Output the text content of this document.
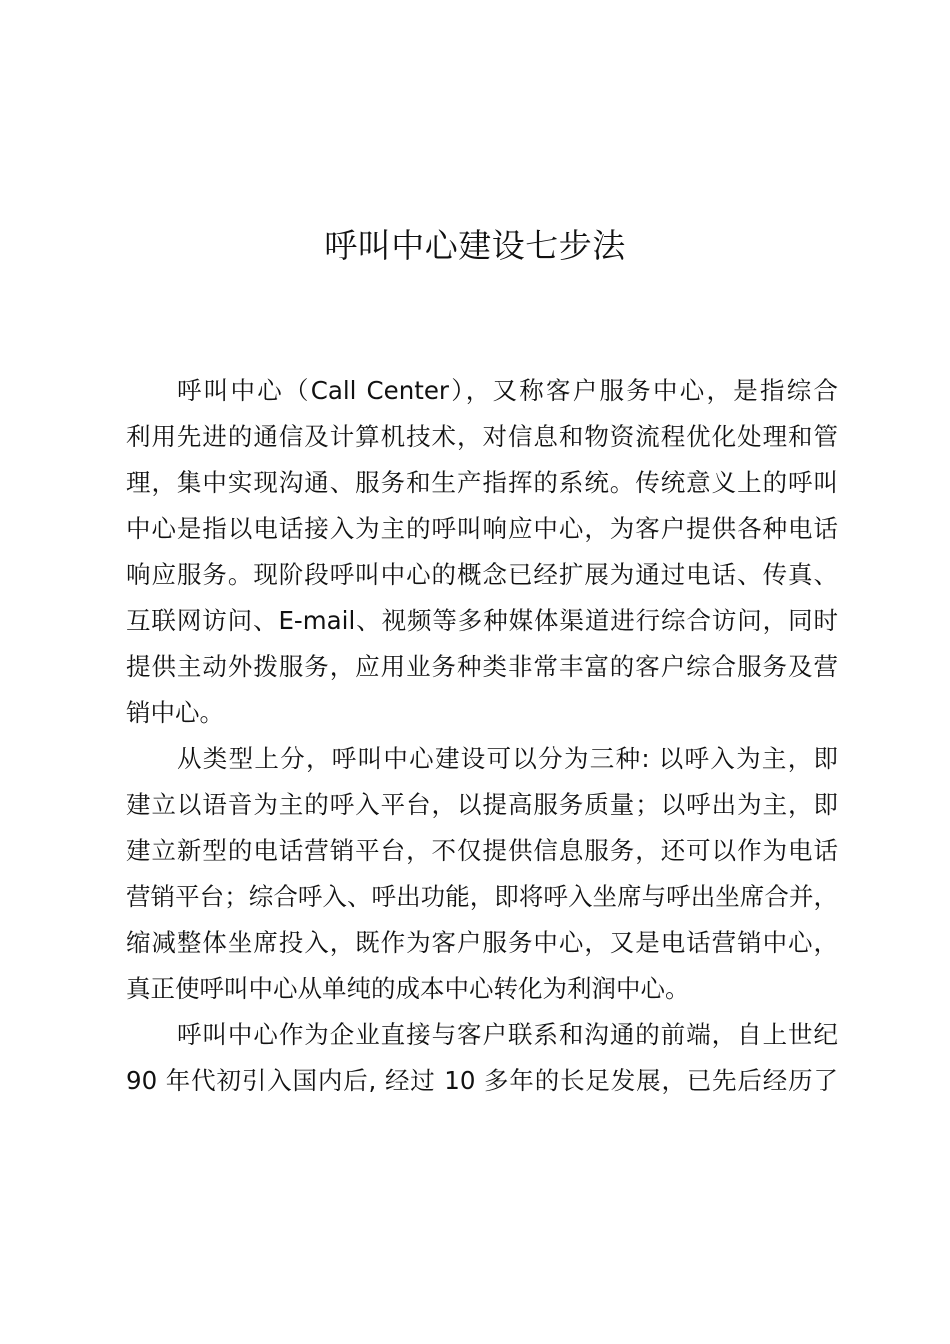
呼叫中心建设七步法
呼叫中心（Call Center），又称客户服务中心，是指综合
利用先进的通信及计算机技术，对信息和物资流程优化处理和管
理，集中实现沟通、服务和生产指挥的系统。传统意义上的呼叫
中心是指以电话接入为主的呼叫响应中心，为客户提供各种电话
响应服务。现阶段呼叫中心的概念已经扩展为通过电话、传真、
互联网访问、E-mail、视频等多种媒体渠道进行综合访问，同时
提供主动外拨服务，应用业务种类非常丰富的客户综合服务及营
销中心。
从类型上分，呼叫中心建设可以分为三种: 以呼入为主，即
建立以语音为主的呼入平台，以提高服务质量；以呼出为主，即
建立新型的电话营销平台，不仅提供信息服务，还可以作为电话
营销平台；综合呼入、呼出功能，即将呼入坐席与呼出坐席合并，
缩减整体坐席投入，既作为客户服务中心，又是电话营销中心，
真正使呼叫中心从单纯的成本中心转化为利润中心。
呼叫中心作为企业直接与客户联系和沟通的前端，自上世纪
90 年代初引入国内后, 经过 10 多年的长足发展，已先后经历了
